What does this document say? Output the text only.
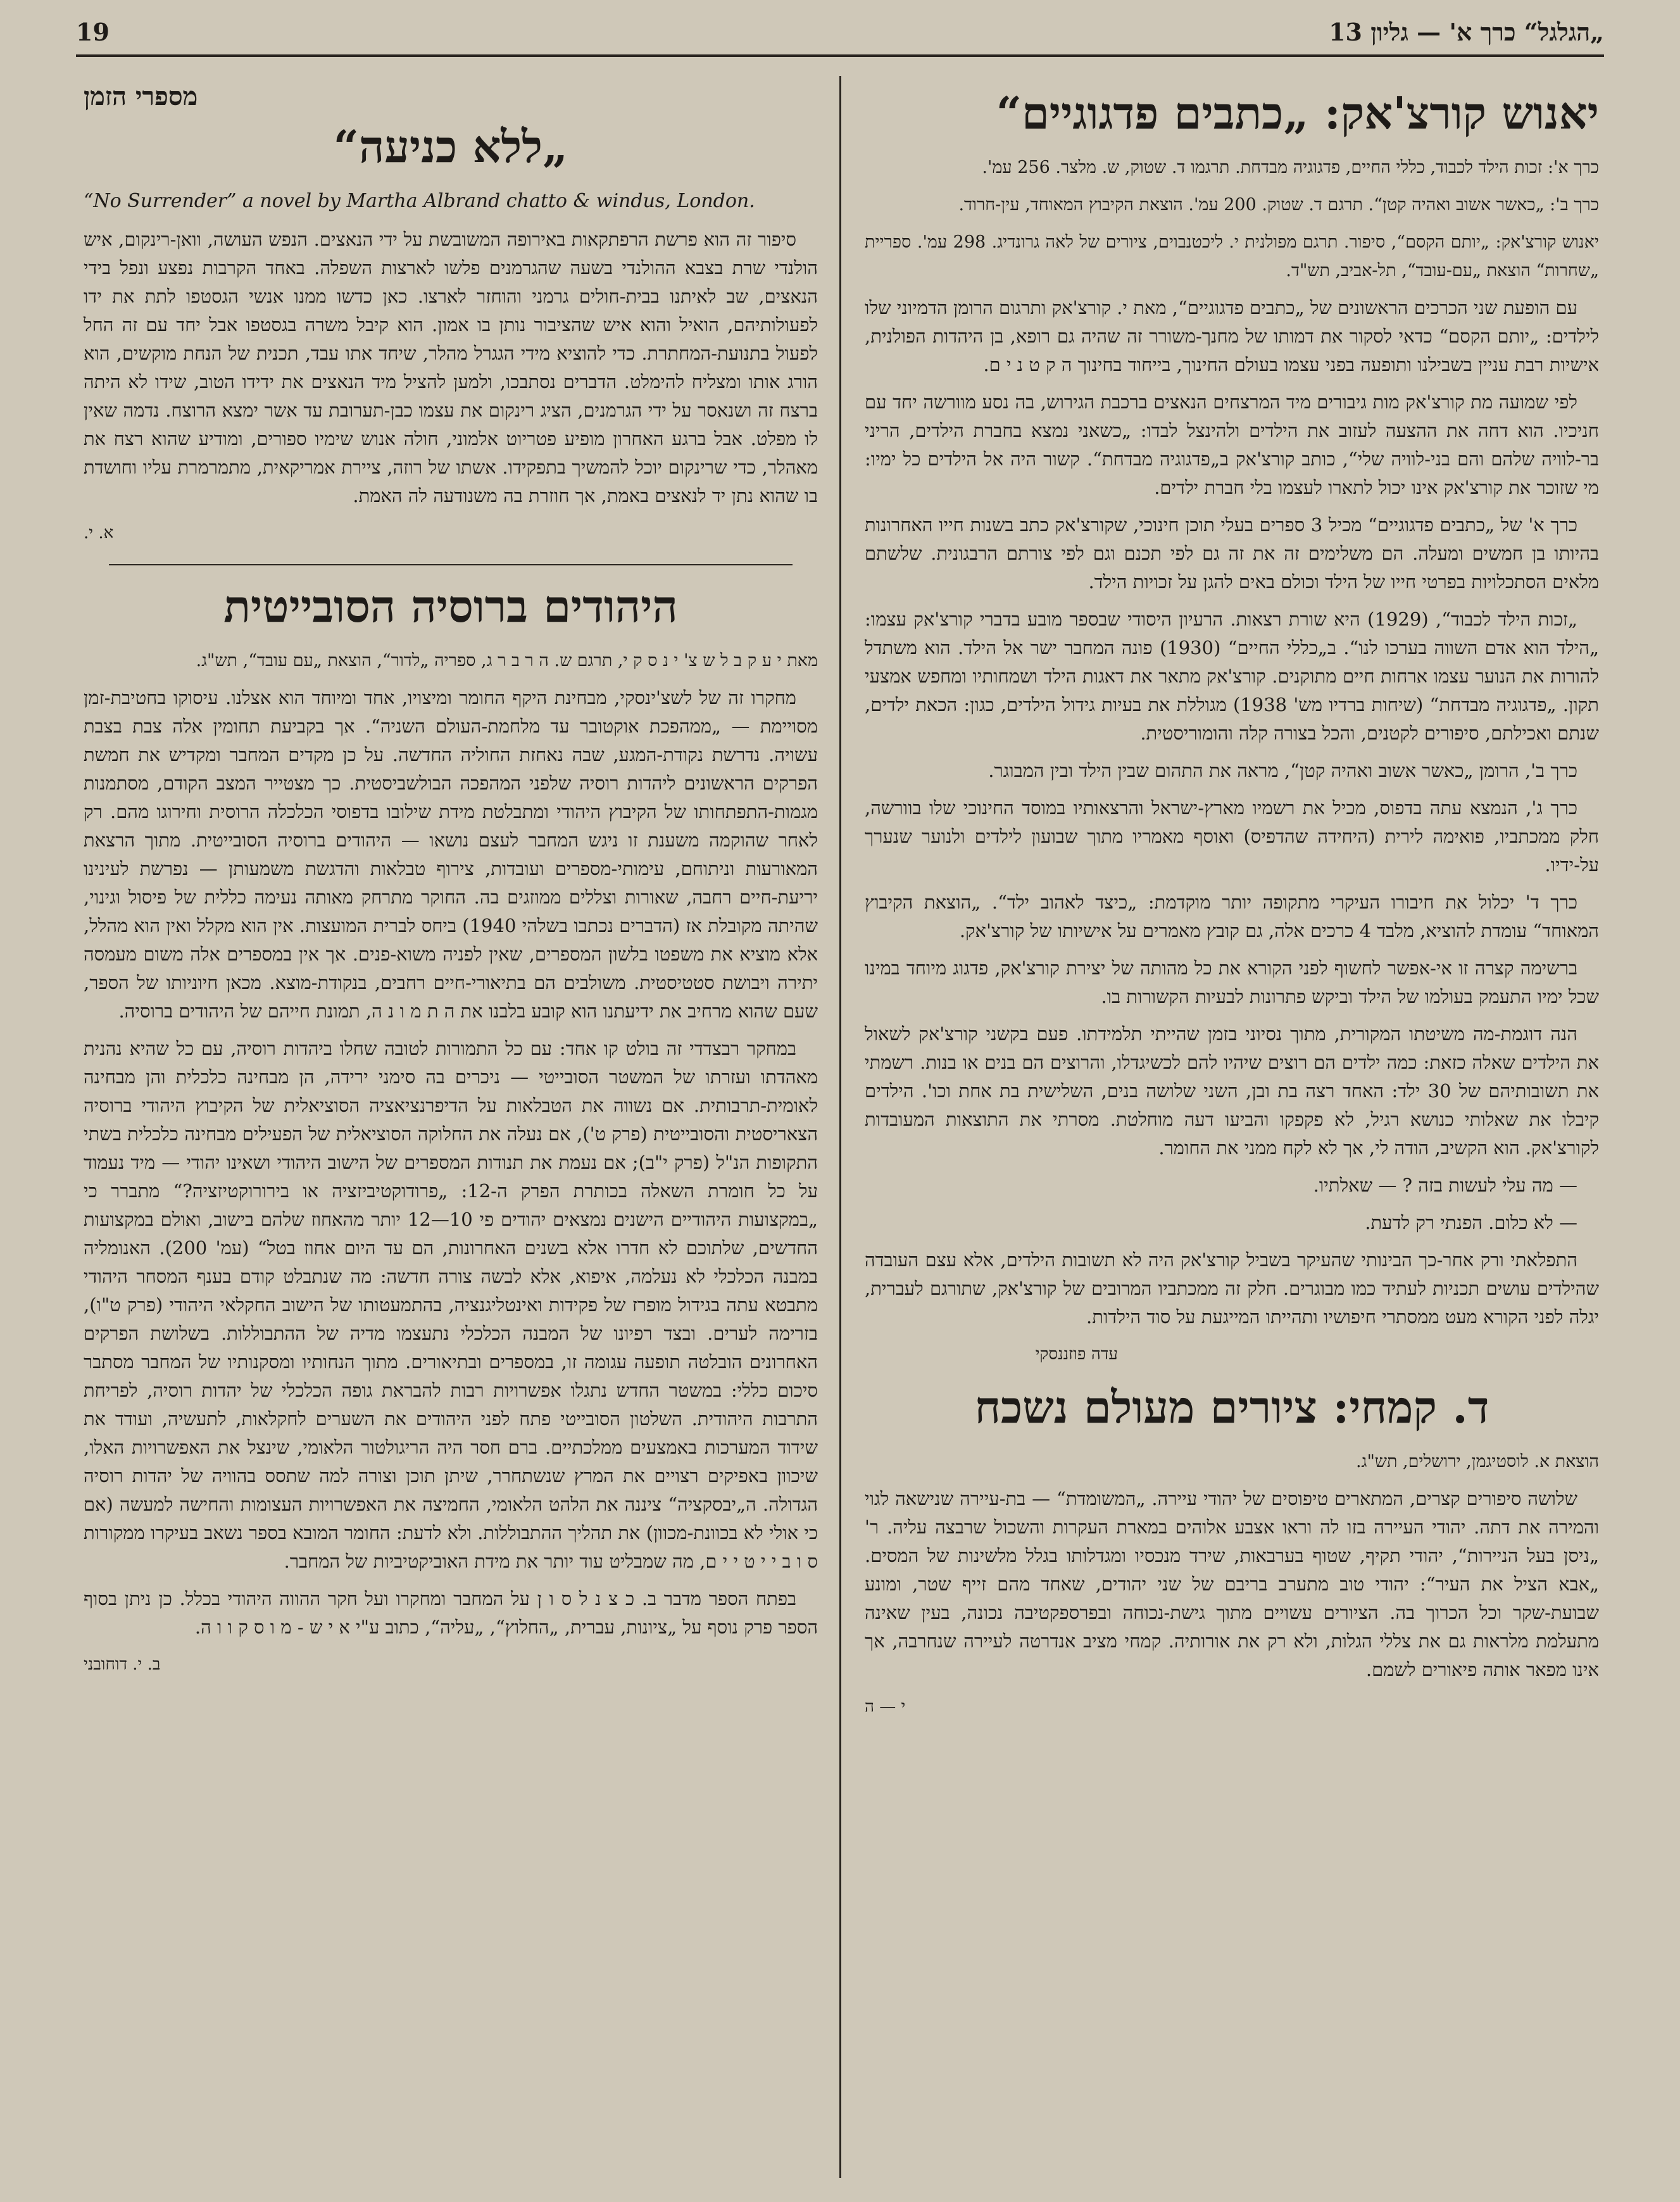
„הגלגל“ כרך א' — גליון 13
19
יאנוש קורצ'אק: „כתבים פדגוגיים“

כרך א': זכות הילד לכבוד, כללי החיים, פדגוגיה מבדחת. תרגמו ד. שטוק, ש. מלצר. 256 עמ'.

כרך ב': „כאשר אשוב ואהיה קטן“. תרגם ד. שטוק. 200 עמ'. הוצאת הקיבוץ המאוחד, עין-חרוד.

יאנוש קורצ'אק: „יותם הקסם“, סיפור. תרגם מפולנית י. ליכטנבוים, ציורים של לאה גרונדיג. 298 עמ'. ספריית „שחרות“ הוצאת „עם-עובד“, תל-אביב, תש"ד.

עם הופעת שני הכרכים הראשונים של „כתבים פדגוגיים“, מאת י. קורצ'אק ותרגום הרומן הדמיוני שלו לילדים: „יותם הקסם“ כדאי לסקור את דמותו של מחנך-משורר זה שהיה גם רופא, בן היהדות הפולנית, אישיות רבת עניין בשבילנו ותופעה בפני עצמו בעולם החינוך, בייחוד בחינוך ה ק ט נ י ם.

לפי שמועה מת קורצ'אק מות גיבורים מיד המרצחים הנאצים ברכבת הגירוש, בה נסע מוורשה יחד עם חניכיו. הוא דחה את ההצעה לעזוב את הילדים ולהינצל לבדו: „כשאני נמצא בחברת הילדים, הריני בר-לוויה שלהם והם בני-לוויה שלי“, כותב קורצ'אק ב„פדגוגיה מבדחת“. קשור היה אל הילדים כל ימיו: מי שזוכר את קורצ'אק אינו יכול לתארו לעצמו בלי חברת ילדים.

כרך א' של „כתבים פדגוגיים“ מכיל 3 ספרים בעלי תוכן חינוכי, שקורצ'אק כתב בשנות חייו האחרונות בהיותו בן חמשים ומעלה. הם משלימים זה את זה גם לפי תכנם וגם לפי צורתם הרבגונית. שלשתם מלאים הסתכלויות בפרטי חייו של הילד וכולם באים להגן על זכויות הילד.

„זכות הילד לכבוד“, (1929) היא שורת רצאות. הרעיון היסודי שבספר מובע בדברי קורצ'אק עצמו: „הילד הוא אדם השווה בערכו לנו“. ב„כללי החיים“ (1930) פונה המחבר ישר אל הילד. הוא משתדל להורות את הנוער עצמו ארחות חיים מתוקנים. קורצ'אק מתאר את דאגות הילד ושמחותיו ומחפש אמצעי תקון. „פדגוגיה מבדחת“ (שיחות ברדיו מש' 1938) מגוללת את בעיות גידול הילדים, כגון: הכאת ילדים, שנתם ואכילתם, סיפורים לקטנים, והכל בצורה קלה והומוריסטית.

כרך ב', הרומן „כאשר אשוב ואהיה קטן“, מראה את התהום שבין הילד ובין המבוגר.

כרך ג', הנמצא עתה בדפוס, מכיל את רשמיו מארץ-ישראל והרצאותיו במוסד החינוכי שלו בוורשה, חלק ממכתביו, פואימה לירית (היחידה שהדפיס) ואוסף מאמריו מתוך שבועון לילדים ולנוער שנערך על-ידיו.

כרך ד' יכלול את חיבורו העיקרי מתקופה יותר מוקדמת: „כיצד לאהוב ילד“. „הוצאת הקיבוץ המאוחד“ עומדת להוציא, מלבד 4 כרכים אלה, גם קובץ מאמרים על אישיותו של קורצ'אק.

ברשימה קצרה זו אי-אפשר לחשוף לפני הקורא את כל מהותה של יצירת קורצ'אק, פדגוג מיוחד במינו שכל ימיו התעמק בעולמו של הילד וביקש פתרונות לבעיות הקשורות בו.

הנה דוגמת-מה משיטתו המקורית, מתוך נסיוני בזמן שהייתי תלמידתו. פעם בקשני קורצ'אק לשאול את הילדים שאלה כזאת: כמה ילדים הם רוצים שיהיו להם לכשיגדלו, והרוצים הם בנים או בנות. רשמתי את תשובותיהם של 30 ילד: האחד רצה בת ובן, השני שלושה בנים, השלישית בת אחת וכו'. הילדים קיבלו את שאלותי כנושא רגיל, לא פקפקו והביעו דעה מוחלטת. מסרתי את התוצאות המעובדות לקורצ'אק. הוא הקשיב, הודה לי, אך לא לקח ממני את החומר.

— מה עלי לעשות בזה ? — שאלתיו.

— לא כלום. הפנתי רק לדעת.

התפלאתי ורק אחר-כך הבינותי שהעיקר בשביל קורצ'אק היה לא תשובות הילדים, אלא עצם העובדה שהילדים עושים תכניות לעתיד כמו מבוגרים. חלק זה ממכתביו המרובים של קורצ'אק, שתורגם לעברית, יגלה לפני הקורא מעט ממסתרי חיפושיו ותהייתו המייגעת על סוד הילדות.

עדה פוזננסקי
ד. קמחי: ציורים מעולם נשכח

הוצאת א. לוסטיגמן, ירושלים, תש"ג.

שלושה סיפורים קצרים, המתארים טיפוסים של יהודי עיירה. „המשומדת“ — בת-עיירה שנישאה לגוי והמירה את דתה. יהודי העיירה בזו לה וראו אצבע אלוהים במארת העקרות והשכול שרבצה עליה. ר' „ניסן בעל הניירות“, יהודי תקיף, שטוף בערבאות, שירד מנכסיו ומגדלותו בגלל מלשינות של המסים. „אבא הציל את העיר“: יהודי טוב מתערב בריבם של שני יהודים, שאחד מהם זייף שטר, ומונע שבועת-שקר וכל הכרוך בה. הציורים עשויים מתוך גישת-נכוחה ובפרספקטיבה נכונה, בעין שאינה מתעלמת מלראות גם את צללי הגלות, ולא רק את אורותיה. קמחי מציב אנדרטה לעיירה שנחרבה, אך אינו מפאר אותה פיאורים לשמם.

י — ה
מספרי הזמן
„ללא כניעה“
“No Surrender” a novel by Martha Albrand chatto & windus, London.

סיפור זה הוא פרשת הרפתקאות באירופה המשובשת על ידי הנאצים. הנפש העושה, וואן-רינקום, איש הולנדי שרת בצבא ההולנדי בשעה שהגרמנים פלשו לארצות השפלה. באחד הקרבות נפצע ונפל בידי הנאצים, שב לאיתנו בבית-חולים גרמני והוחזר לארצו. כאן כדשו ממנו אנשי הגסטפו לתת את ידו לפעולותיהם, הואיל והוא איש שהציבור נותן בו אמון. הוא קיבל משרה בגסטפו אבל יחד עם זה החל לפעול בתנועת-המחתרת. כדי להוציא מידי הגגרל מהלר, שיחד אתו עבד, תכנית של הנחת מוקשים, הוא הורג אותו ומצליח להימלט. הדברים נסתבכו, ולמען להציל מיד הנאצים את ידידו הטוב, שידו לא היתה ברצח זה ושנאסר על ידי הגרמנים, הציג רינקום את עצמו כבן-תערובת עד אשר ימצא הרוצח. נדמה שאין לו מפלט. אבל ברגע האחרון מופיע פטריוט אלמוני, חולה אנוש שימיו ספורים, ומודיע שהוא רצח את מאהלר, כדי שרינקום יוכל להמשיך בתפקידו. אשתו של רוזה, ציירת אמריקאית, מתמרמרת עליו וחושדת בו שהוא נתן יד לנאצים באמת, אך חוזרת בה משנודעה לה האמת.

א. י.
היהודים ברוסיה הסובייטית

מאת י ע ק ב ל ש צ' י נ ס ק י, תרגם ש. ה ר ב ר ג, ספריה „לדור“, הוצאת „עם עובד“, תש"ג.

מחקרו זה של לשצ'ינסקי, מבחינת היקף החומר ומיצויו, אחד ומיוחד הוא אצלנו. עיסוקו בחטיבת-זמן מסויימת — „ממהפכת אוקטובר עד מלחמת-העולם השניה“. אך בקביעת תחומין אלה צבת בצבת עשויה. נדרשת נקודת-המגע, שבה נאחזת החוליה החדשה. על כן מקדים המחבר ומקדיש את חמשת הפרקים הראשונים ליהדות רוסיה שלפני המהפכה הבולשביסטית. כך מצטייר המצב הקודם, מסתמנות מגמות-התפתחותו של הקיבוץ היהודי ומתבלטת מידת שילובו בדפוסי הכלכלה הרוסית וחירוגו מהם. רק לאחר שהוקמה משענת זו ניגש המחבר לעצם נושאו — היהודים ברוסיה הסובייטית. מתוך הרצאת המאורעות וניתוחם, עימותי-מספרים ועובדות, צירוף טבלאות והדגשת משמעותן — נפרשת לעינינו יריעת-חיים רחבה, שאורות וצללים ממוזגים בה. החוקר מתרחק מאותה נעימה כללית של פיסול וגינוי, שהיתה מקובלת אז (הדברים נכתבו בשלהי 1940) ביחס לברית המועצות. אין הוא מקלל ואין הוא מהלל, אלא מוציא את משפטו בלשון המספרים, שאין לפניה משוא-פנים. אך אין במספרים אלה משום מעמסה יתירה ויבושת סטטיסטית. משולבים הם בתיאורי-חיים רחבים, בנקודת-מוצא. מכאן חיוניותו של הספר, שעם שהוא מרחיב את ידיעתנו הוא קובע בלבנו את ה ת מ ו נ ה, תמונת חייהם של היהודים ברוסיה.

במחקר רבצדדי זה בולט קו אחד: עם כל התמורות לטובה שחלו ביהדות רוסיה, עם כל שהיא נהנית מאהדתו ועזרתו של המשטר הסובייטי — ניכרים בה סימני ירידה, הן מבחינה כלכלית והן מבחינה לאומית-תרבותית. אם נשווה את הטבלאות על הדיפרנציאציה הסוציאלית של הקיבוץ היהודי ברוסיה הצאריסטית והסובייטית (פרק ט'), אם נעלה את החלוקה הסוציאלית של הפעילים מבחינה כלכלית בשתי התקופות הנ"ל (פרק י"ב); אם נעמת את תנודות המספרים של הישוב היהודי ושאינו יהודי — מיד נעמוד על כל חומרת השאלה בכותרת הפרק ה-12: „פרודוקטיביזציה או בירורוקטיזציה?“ מתברר כי „במקצועות היהודיים הישנים נמצאים יהודים פי 10—12 יותר מהאחוז שלהם בישוב, ואולם במקצועות החדשים, שלתוכם לא חדרו אלא בשנים האחרונות, הם עד היום אחוז בטל“ (עמ' 200). האנומליה במבנה הכלכלי לא נעלמה, איפוא, אלא לבשה צורה חדשה: מה שנתבלט קודם בענף המסחר היהודי מתבטא עתה בגידול מופרז של פקידות ואינטליגנציה, בהתמעטותו של הישוב החקלאי היהודי (פרק ט"ו), בזרימה לערים. ובצד רפיונו של המבנה הכלכלי נתעצמו מדיה של ההתבוללות. בשלושת הפרקים האחרונים הובלטה תופעה עגומה זו, במספרים ובתיאורים. מתוך הנחותיו ומסקנותיו של המחבר מסתבר סיכום כללי: במשטר החדש נתגלו אפשרויות רבות להבראת גופה הכלכלי של יהדות רוסיה, לפריחת התרבות היהודית. השלטון הסובייטי פתח לפני היהודים את השערים לחקלאות, לתעשיה, ועודד את שידוד המערכות באמצעים ממלכתיים. ברם חסר היה הריגולטור הלאומי, שינצל את האפשרויות האלו, שיכוון באפיקים רצויים את המרץ שנשתחרר, שיתן תוכן וצורה למה שתסס בהוויה של יהדות רוסיה הגדולה. ה„יבסקציה“ ציננה את הלהט הלאומי, החמיצה את האפשרויות העצומות והחישה למעשה (אם כי אולי לא בכוונת-מכוון) את תהליך ההתבוללות. ולא לדעת: החומר המובא בספר נשאב בעיקרו ממקורות ס ו ב י י ט י י ם, מה שמבליט עוד יותר את מידת האוביקטיביות של המחבר.

בפתח הספר מדבר ב. כ צ נ ל ס ו ן על המחבר ומחקרו ועל חקר ההווה היהודי בכלל. כן ניתן בסוף הספר פרק נוסף על „ציונות, עברית, „החלוץ“, „עליה“, כתוב ע"י א י ש - מ ו ס ק ו ו ה.

ב. י. דוחובני
